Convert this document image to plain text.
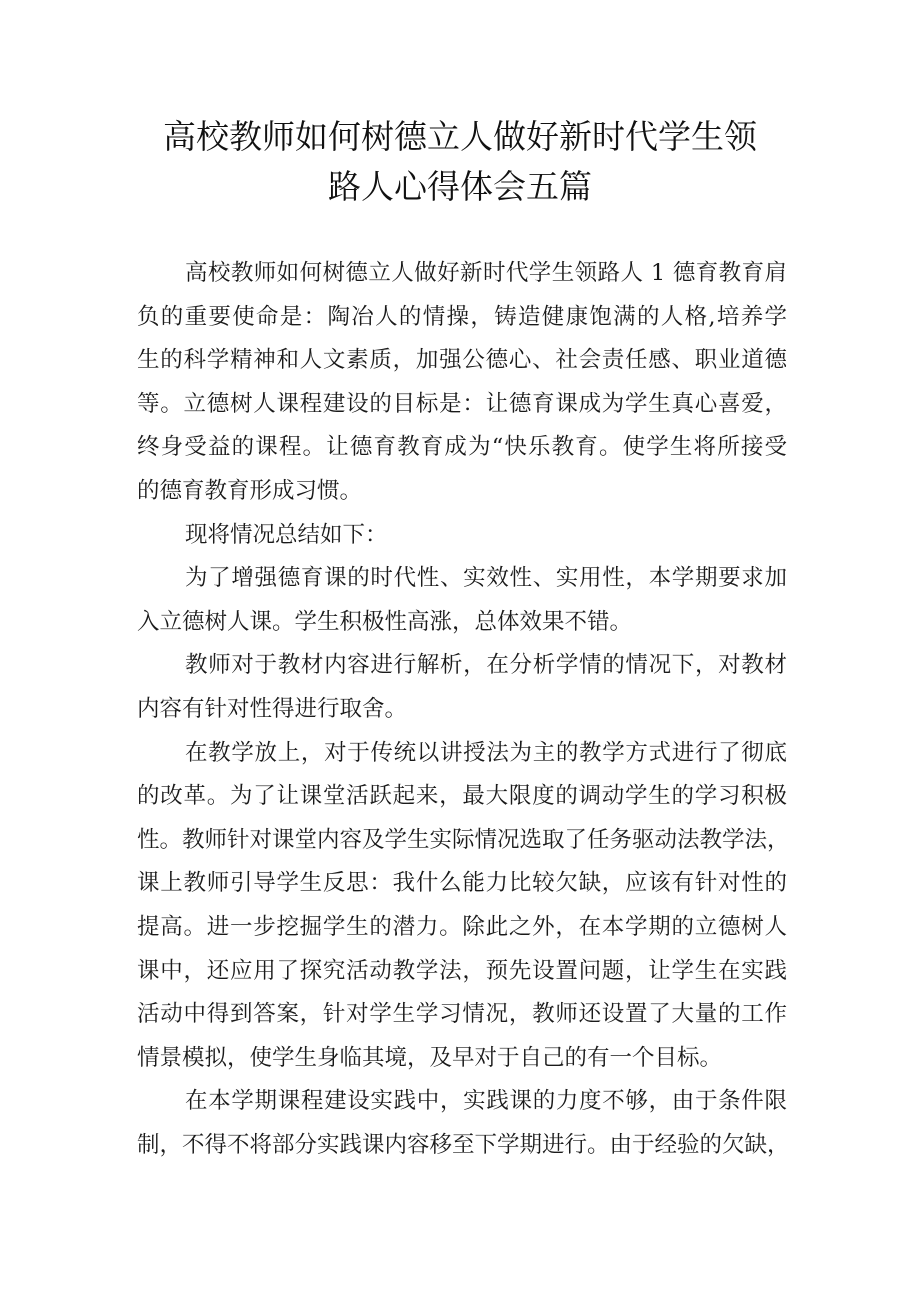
高校教师如何树德立人做好新时代学生领
路人心得体会五篇
高校教师如何树德立人做好新时代学生领路人 1 德育教育肩
负的重要使命是：陶冶人的情操，铸造健康饱满的人格,培养学
生的科学精神和人文素质，加强公德心、社会责任感、职业道德
等。立德树人课程建设的目标是：让德育课成为学生真心喜爱，
终身受益的课程。让德育教育成为“快乐教育。使学生将所接受
的德育教育形成习惯。
现将情况总结如下：
为了增强德育课的时代性、实效性、实用性，本学期要求加
入立德树人课。学生积极性高涨，总体效果不错。
教师对于教材内容进行解析，在分析学情的情况下，对教材
内容有针对性得进行取舍。
在教学放上，对于传统以讲授法为主的教学方式进行了彻底
的改革。为了让课堂活跃起来，最大限度的调动学生的学习积极
性。教师针对课堂内容及学生实际情况选取了任务驱动法教学法，
课上教师引导学生反思：我什么能力比较欠缺，应该有针对性的
提高。进一步挖掘学生的潜力。除此之外，在本学期的立德树人
课中，还应用了探究活动教学法，预先设置问题，让学生在实践
活动中得到答案，针对学生学习情况，教师还设置了大量的工作
情景模拟，使学生身临其境，及早对于自己的有一个目标。
在本学期课程建设实践中，实践课的力度不够，由于条件限
制，不得不将部分实践课内容移至下学期进行。由于经验的欠缺，
